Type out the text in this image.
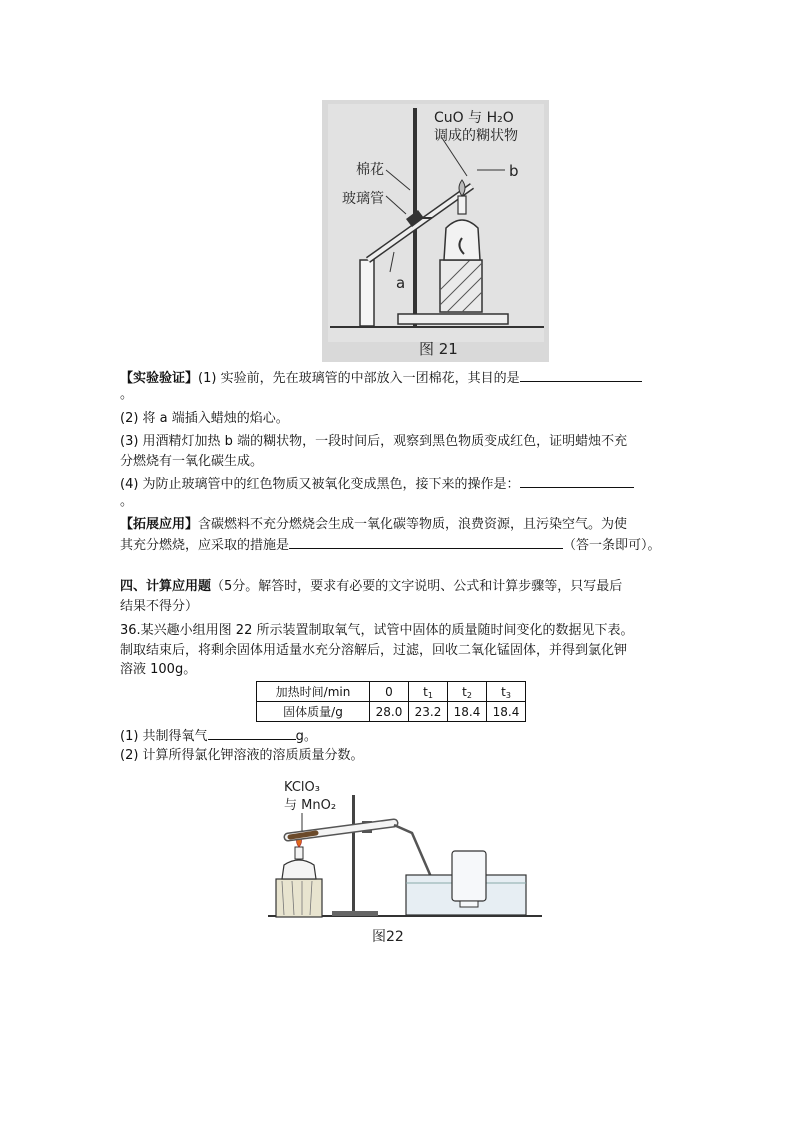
CuO 与 H₂O
调成的糊状物
b
棉花
玻璃管
a
图 21
【实验验证】(1) 实验前，先在玻璃管的中部放入一团棉花，其目的是
。
(2) 将 a 端插入蜡烛的焰心。
(3) 用酒精灯加热 b 端的糊状物，一段时间后，观察到黑色物质变成红色，证明蜡烛不充
分燃烧有一氧化碳生成。
(4) 为防止玻璃管中的红色物质又被氧化变成黑色，接下来的操作是：
。
【拓展应用】含碳燃料不充分燃烧会生成一氧化碳等物质，浪费资源，且污染空气。为使
其充分燃烧，应采取的措施是	（答一条即可）。
四、计算应用题（5分。解答时，要求有必要的文字说明、公式和计算步骤等，只写最后
结果不得分）
36.某兴趣小组用图 22 所示装置制取氧气，试管中固体的质量随时间变化的数据见下表。
制取结束后，将剩余固体用适量水充分溶解后，过滤，回收二氧化锰固体，并得到氯化钾
溶液 100g。
加热时间/min	0	$t_1$	$t_2$	$t_3$
固体质量/g	28.0	23.2	18.4	18.4
(1) 共制得氧气	g。
(2) 计算所得氯化钾溶液的溶质质量分数。
KClO₃
与 MnO₂
图22
